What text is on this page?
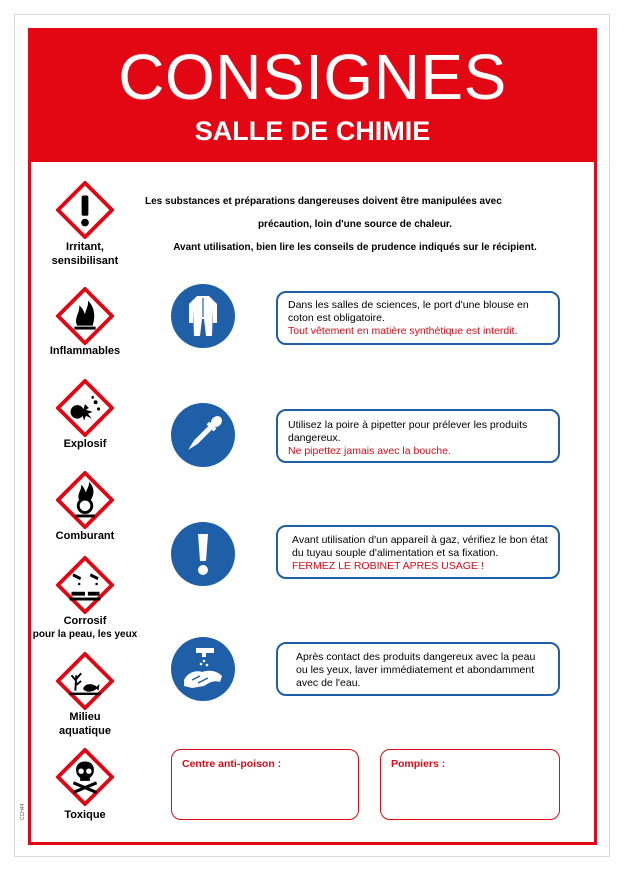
CONSIGNES
SALLE DE CHIMIE
Irritant,
sensibilisant
Inflammables
Explosif
Comburant
Corrosif
pour la peau, les yeux
Milieu
aquatique
Toxique

Les substances et préparations dangereuses doivent être manipulées avec

précaution, loin d'une source de chaleur.

Avant utilisation, bien lire les conseils de prudence indiqués sur le récipient.

Dans les salles de sciences, le port d'une blouse en coton est obligatoire.
Tout vêtement en matière synthétique est interdit.
Utilisez la poire à pipetter pour prélever les produits dangereux.
Ne pipettez jamais avec la bouche.
Avant utilisation d'un appareil à gaz, vérifiez le bon état du tuyau souple d'alimentation et sa fixation.
FERMEZ LE ROBINET APRES USAGE !
Après contact des produits dangereux avec la peau ou les yeux, laver immédiatement et abondamment avec de l'eau.
Centre anti-poison :	Pompiers :
CCH44
